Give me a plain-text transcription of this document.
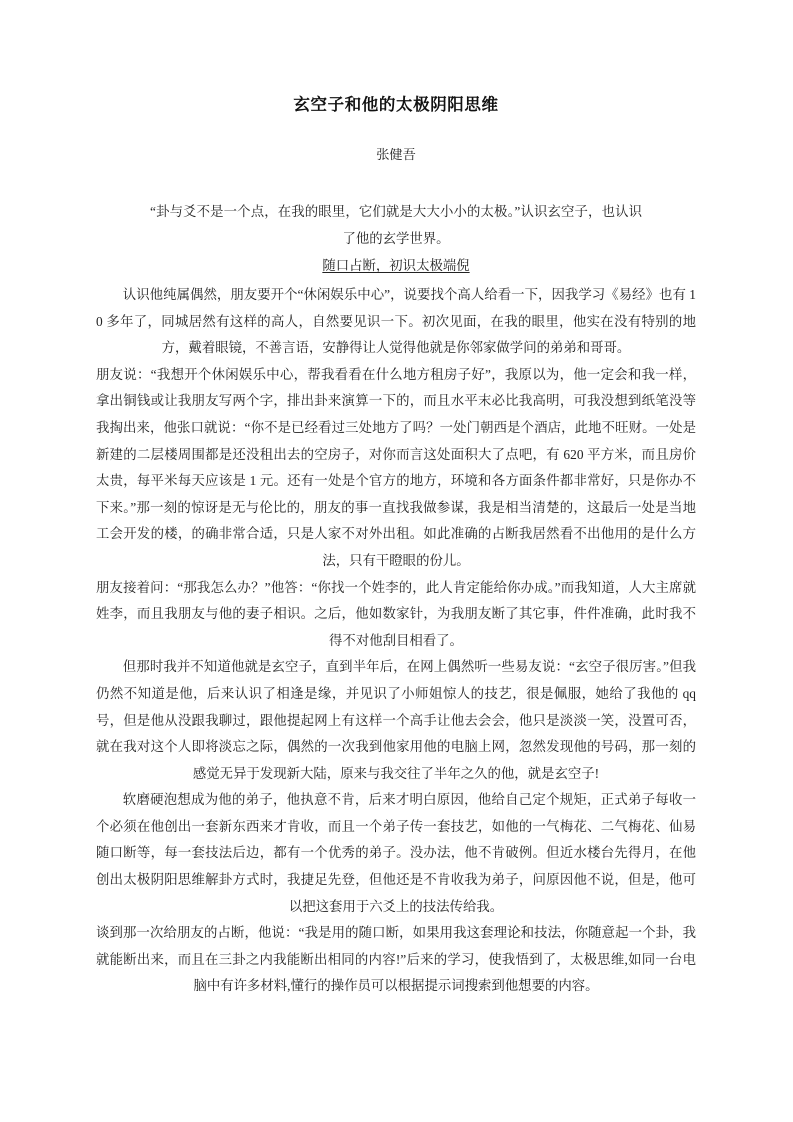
玄空子和他的太极阴阳思维
张健吾
“卦与爻不是一个点，在我的眼里，它们就是大大小小的太极。”认识玄空子，也认识了他的玄学世界。
随口占断，初识太极端倪

认识他纯属偶然，朋友要开个“休闲娱乐中心”，说要找个高人给看一下，因我学习《易经》也有 10 多年了，同城居然有这样的高人，自然要见识一下。初次见面，在我的眼里，他实在没有特别的地方，戴着眼镜，不善言语，安静得让人觉得他就是你邻家做学问的弟弟和哥哥。

朋友说：“我想开个休闲娱乐中心，帮我看看在什么地方租房子好”，我原以为，他一定会和我一样，拿出铜钱或让我朋友写两个字，排出卦来演算一下的，而且水平末必比我高明，可我没想到纸笔没等我掏出来，他张口就说：“你不是已经看过三处地方了吗？一处门朝西是个酒店，此地不旺财。一处是新建的二层楼周围都是还没租出去的空房子，对你而言这处面积大了点吧，有 620 平方米，而且房价太贵，每平米每天应该是 1 元。还有一处是个官方的地方，环境和各方面条件都非常好，只是你办不下来。”那一刻的惊讶是无与伦比的，朋友的事一直找我做参谋，我是相当清楚的，这最后一处是当地工会开发的楼，的确非常合适，只是人家不对外出租。如此准确的占断我居然看不出他用的是什么方法，只有干瞪眼的份儿。

朋友接着问：“那我怎么办？”他答：“你找一个姓李的，此人肯定能给你办成。”而我知道，人大主席就姓李，而且我朋友与他的妻子相识。之后，他如数家针，为我朋友断了其它事，件件准确，此时我不得不对他刮目相看了。

但那时我并不知道他就是玄空子，直到半年后，在网上偶然听一些易友说：“玄空子很厉害。”但我仍然不知道是他，后来认识了相逢是缘，并见识了小师姐惊人的技艺，很是佩服，她给了我他的 qq 号，但是他从没跟我聊过，跟他提起网上有这样一个高手让他去会会，他只是淡淡一笑，没置可否，就在我对这个人即将淡忘之际，偶然的一次我到他家用他的电脑上网，忽然发现他的号码，那一刻的感觉无异于发现新大陆，原来与我交往了半年之久的他，就是玄空子!

软磨硬泡想成为他的弟子，他执意不肯，后来才明白原因，他给自己定个规矩，正式弟子每收一个必须在他创出一套新东西来才肯收，而且一个弟子传一套技艺，如他的一气梅花、二气梅花、仙易随口断等，每一套技法后边，都有一个优秀的弟子。没办法，他不肯破例。但近水楼台先得月，在他创出太极阴阳思维解卦方式时，我捷足先登，但他还是不肯收我为弟子，问原因他不说，但是，他可以把这套用于六爻上的技法传给我。

谈到那一次给朋友的占断，他说：“我是用的随口断，如果用我这套理论和技法，你随意起一个卦，我就能断出来，而且在三卦之内我能断出相同的内容!”后来的学习，使我悟到了，太极思维,如同一台电脑中有许多材料,懂行的操作员可以根据提示词搜索到他想要的内容。
